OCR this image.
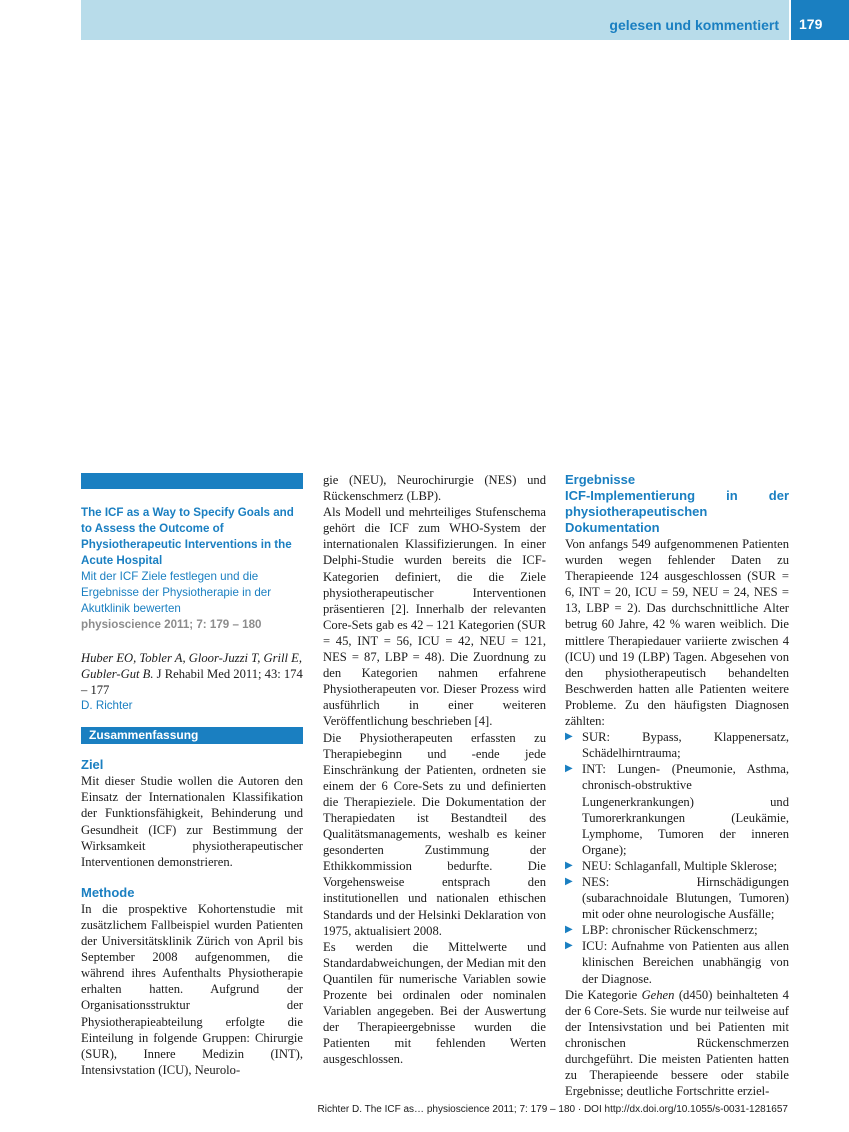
gelesen und kommentiert 179
The ICF as a Way to Specify Goals and to Assess the Outcome of Physiotherapeutic Interventions in the Acute Hospital
Mit der ICF Ziele festlegen und die Ergebnisse der Physiotherapie in der Akutklinik bewerten
physioscience 2011; 7: 179 – 180
Huber EO, Tobler A, Gloor-Juzzi T, Grill E, Gubler-Gut B. J Rehabil Med 2011; 43: 174 – 177
D. Richter
Zusammenfassung
Ziel

Mit dieser Studie wollen die Autoren den Einsatz der Internationalen Klassifikation der Funktionsfähigkeit, Behinderung und Gesundheit (ICF) zur Bestimmung der Wirksamkeit physiotherapeutischer Interventionen demonstrieren.

Methode

In die prospektive Kohortenstudie mit zusätzlichem Fallbeispiel wurden Patienten der Universitätsklinik Zürich von April bis September 2008 aufgenommen, die während ihres Aufenthalts Physiotherapie erhalten hatten. Aufgrund der Organisationsstruktur der Physiotherapieabteilung erfolgte die Einteilung in folgende Gruppen: Chirurgie (SUR), Innere Medizin (INT), Intensivstation (ICU), Neurolo-

gie (NEU), Neurochirurgie (NES) und Rückenschmerz (LBP).

Als Modell und mehrteiliges Stufenschema gehört die ICF zum WHO-System der internationalen Klassifizierungen. In einer Delphi-Studie wurden bereits die ICF-Kategorien definiert, die die Ziele physiotherapeutischer Interventionen präsentieren [2]. Innerhalb der relevanten Core-Sets gab es 42 – 121 Kategorien (SUR = 45, INT = 56, ICU = 42, NEU = 121, NES = 87, LBP = 48). Die Zuordnung zu den Kategorien nahmen erfahrene Physiotherapeuten vor. Dieser Prozess wird ausführlich in einer weiteren Veröffentlichung beschrieben [4].

Die Physiotherapeuten erfassten zu Therapiebeginn und -ende jede Einschränkung der Patienten, ordneten sie einem der 6 Core-Sets zu und definierten die Therapieziele. Die Dokumentation der Therapiedaten ist Bestandteil des Qualitätsmanagements, weshalb es keiner gesonderten Zustimmung der Ethikkommission bedurfte. Die Vorgehensweise entsprach den institutionellen und nationalen ethischen Standards und der Helsinki Deklaration von 1975, aktualisiert 2008.

Es werden die Mittelwerte und Standardabweichungen, der Median mit den Quantilen für numerische Variablen sowie Prozente bei ordinalen oder nominalen Variablen angegeben. Bei der Auswertung der Therapieergebnisse wurden die Patienten mit fehlenden Werten ausgeschlossen.

Ergebnisse
ICF-Implementierung in der physiotherapeutischen Dokumentation

Von anfangs 549 aufgenommenen Patienten wurden wegen fehlender Daten zu Therapieende 124 ausgeschlossen (SUR = 6, INT = 20, ICU = 59, NEU = 24, NES = 13, LBP = 2). Das durchschnittliche Alter betrug 60 Jahre, 42 % waren weiblich. Die mittlere Therapiedauer variierte zwischen 4 (ICU) und 19 (LBP) Tagen. Abgesehen von den physiotherapeutisch behandelten Beschwerden hatten alle Patienten weitere Probleme. Zu den häufigsten Diagnosen zählten:

▶ SUR: Bypass, Klappenersatz, Schädelhirntrauma;
▶ INT: Lungen- (Pneumonie, Asthma, chronisch-obstruktive Lungenerkrankungen) und Tumorerkrankungen (Leukämie, Lymphome, Tumoren der inneren Organe);
▶ NEU: Schlaganfall, Multiple Sklerose;
▶ NES: Hirnschädigungen (subarachnoidale Blutungen, Tumoren) mit oder ohne neurologische Ausfälle;
▶ LBP: chronischer Rückenschmerz;
▶ ICU: Aufnahme von Patienten aus allen klinischen Bereichen unabhängig von der Diagnose.

Die Kategorie Gehen (d450) beinhalteten 4 der 6 Core-Sets. Sie wurde nur teilweise auf der Intensivstation und bei Patienten mit chronischen Rückenschmerzen durchgeführt. Die meisten Patienten hatten zu Therapieende bessere oder stabile Ergebnisse; deutliche Fortschritte erziel-

Richter D. The ICF as… physioscience 2011; 7: 179 – 180 · DOI http://dx.doi.org/10.1055/s-0031-1281657
